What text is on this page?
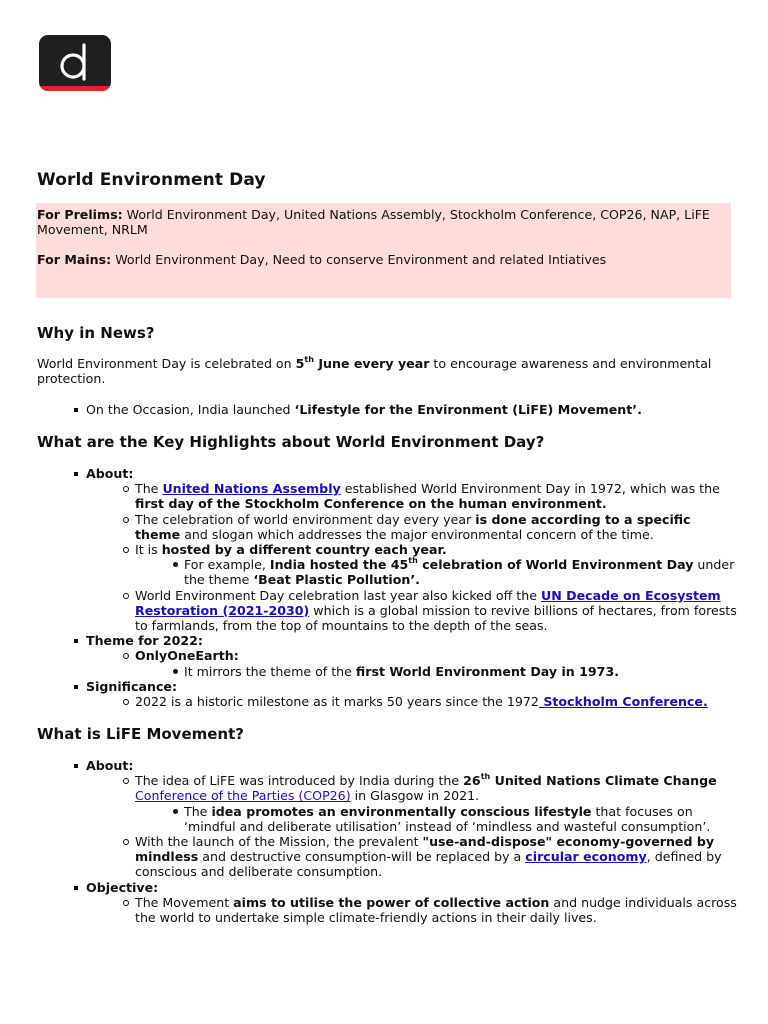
World Environment Day

For Prelims: World Environment Day, United Nations Assembly, Stockholm Conference, COP26, NAP, LiFE Movement, NRLM

For Mains: World Environment Day, Need to conserve Environment and related Intiatives

Why in News?

World Environment Day is celebrated on 5th June every year to encourage awareness and environmental protection.

On the Occasion, India launched ‘Lifestyle for the Environment (LiFE) Movement’.
What are the Key Highlights about World Environment Day?
About:
The United Nations Assembly established World Environment Day in 1972, which was the first day of the Stockholm Conference on the human environment.
The celebration of world environment day every year is done according to a specific theme and slogan which addresses the major environmental concern of the time.
It is hosted by a different country each year.
For example, India hosted the 45th celebration of World Environment Day under the theme ‘Beat Plastic Pollution’.
World Environment Day celebration last year also kicked off the UN Decade on Ecosystem Restoration (2021-2030) which is a global mission to revive billions of hectares, from forests to farmlands, from the top of mountains to the depth of the seas.
Theme for 2022:
OnlyOneEarth:
It mirrors the theme of the first World Environment Day in 1973.
Significance:
2022 is a historic milestone as it marks 50 years since the 1972 Stockholm Conference.
What is LiFE Movement?
About:
The idea of LiFE was introduced by India during the 26th United Nations Climate Change Conference of the Parties (COP26) in Glasgow in 2021.
The idea promotes an environmentally conscious lifestyle that focuses on ‘mindful and deliberate utilisation’ instead of ‘mindless and wasteful consumption’.
With the launch of the Mission, the prevalent "use-and-dispose" economy-governed by mindless and destructive consumption-will be replaced by a circular economy, defined by conscious and deliberate consumption.
Objective:
The Movement aims to utilise the power of collective action and nudge individuals across the world to undertake simple climate-friendly actions in their daily lives.
